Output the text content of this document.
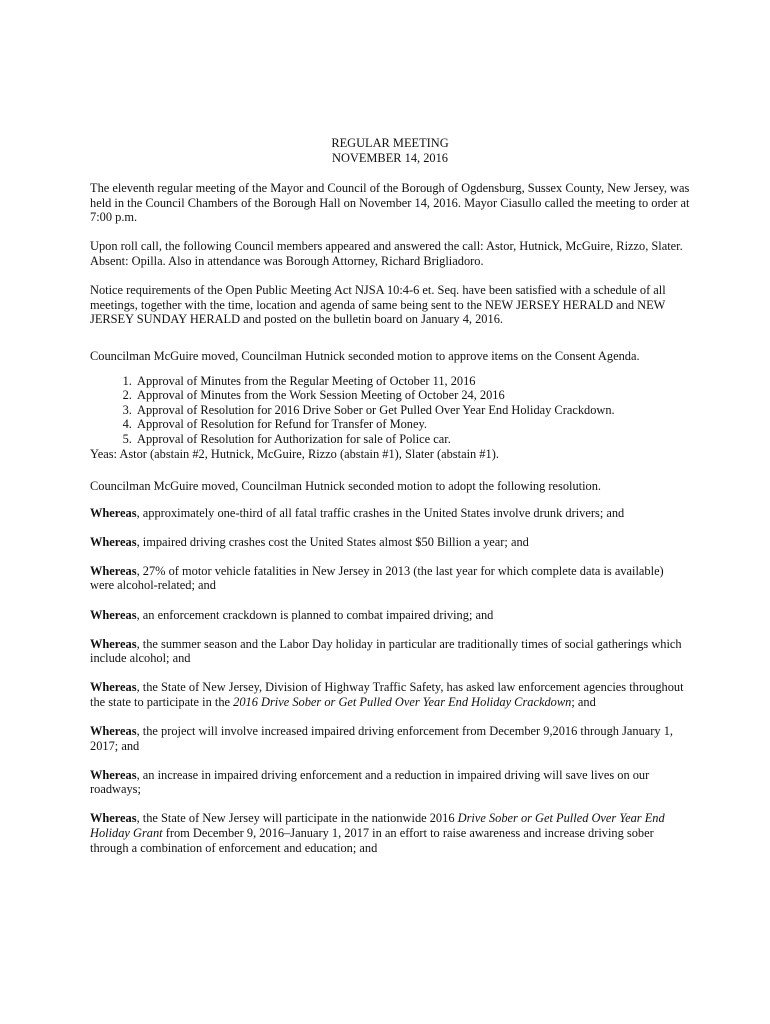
REGULAR MEETING
NOVEMBER 14, 2016

The eleventh regular meeting of the Mayor and Council of the Borough of Ogdensburg, Sussex County, New Jersey, was held in the Council Chambers of the Borough Hall on November 14, 2016. Mayor Ciasullo called the meeting to order at 7:00 p.m.

Upon roll call, the following Council members appeared and answered the call: Astor, Hutnick, McGuire, Rizzo, Slater. Absent: Opilla. Also in attendance was Borough Attorney, Richard Brigliadoro.

Notice requirements of the Open Public Meeting Act NJSA 10:4-6 et. Seq. have been satisfied with a schedule of all meetings, together with the time, location and agenda of same being sent to the NEW JERSEY HERALD and NEW JERSEY SUNDAY HERALD and posted on the bulletin board on January 4, 2016.

Councilman McGuire moved, Councilman Hutnick seconded motion to approve items on the Consent Agenda.

1. Approval of Minutes from the Regular Meeting of October 11, 2016
2. Approval of Minutes from the Work Session Meeting of October 24, 2016
3. Approval of Resolution for 2016 Drive Sober or Get Pulled Over Year End Holiday Crackdown.
4. Approval of Resolution for Refund for Transfer of Money.
5. Approval of Resolution for Authorization for sale of Police car.
Yeas: Astor (abstain #2, Hutnick, McGuire, Rizzo (abstain #1), Slater (abstain #1).

Councilman McGuire moved, Councilman Hutnick seconded motion to adopt the following resolution.

Whereas, approximately one-third of all fatal traffic crashes in the United States involve drunk drivers; and

Whereas, impaired driving crashes cost the United States almost $50 Billion a year; and

Whereas, 27% of motor vehicle fatalities in New Jersey in 2013 (the last year for which complete data is available) were alcohol-related; and

Whereas, an enforcement crackdown is planned to combat impaired driving; and

Whereas, the summer season and the Labor Day holiday in particular are traditionally times of social gatherings which include alcohol; and

Whereas, the State of New Jersey, Division of Highway Traffic Safety, has asked law enforcement agencies throughout the state to participate in the 2016 Drive Sober or Get Pulled Over Year End Holiday Crackdown; and

Whereas, the project will involve increased impaired driving enforcement from December 9,2016 through January 1, 2017; and

Whereas, an increase in impaired driving enforcement and a reduction in impaired driving will save lives on our roadways;

Whereas, the State of New Jersey will participate in the nationwide 2016 Drive Sober or Get Pulled Over Year End Holiday Grant from December 9, 2016–January 1, 2017 in an effort to raise awareness and increase driving sober through a combination of enforcement and education; and
